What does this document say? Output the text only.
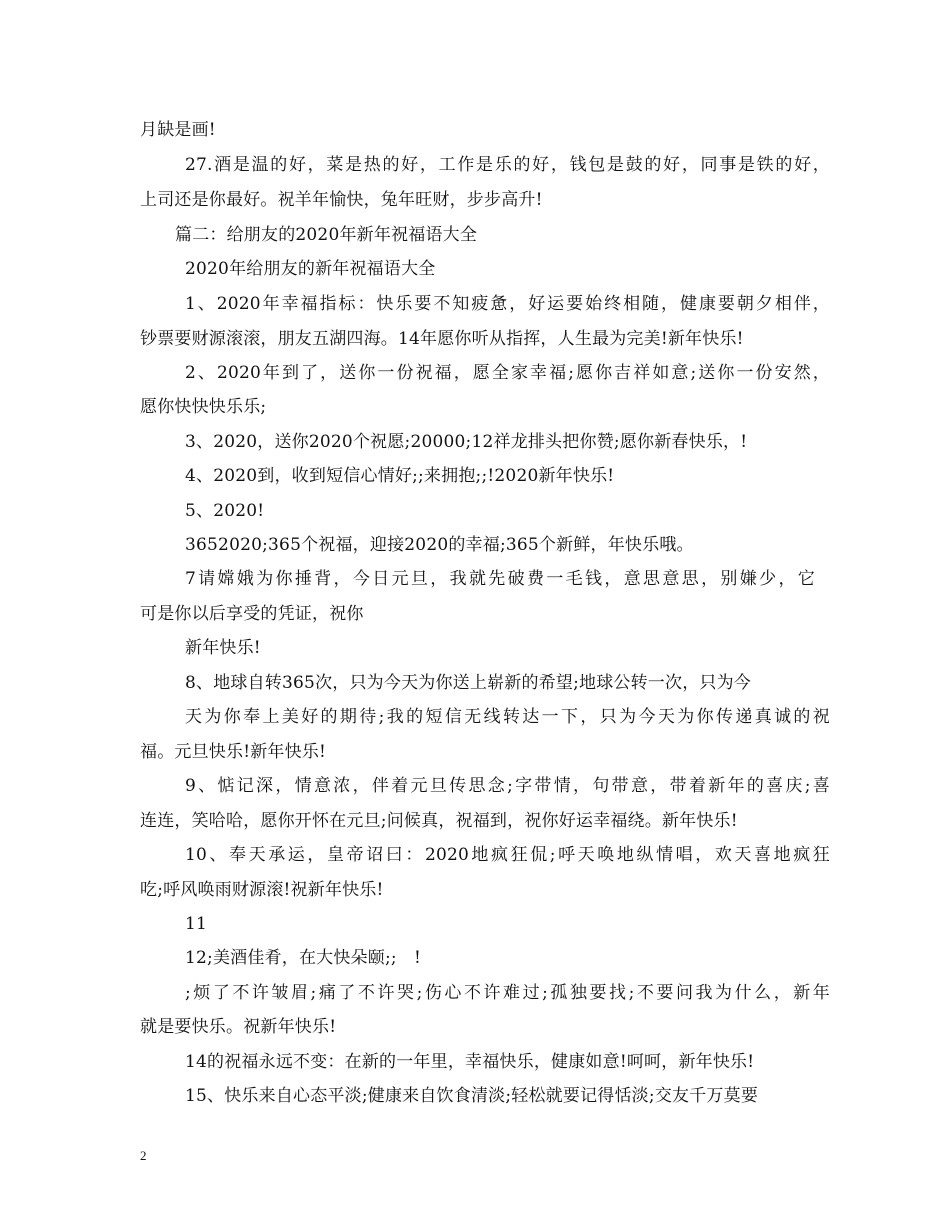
月缺是画!
27.酒是温的好，菜是热的好，工作是乐的好，钱包是鼓的好，同事是铁的好，
上司还是你最好。祝羊年愉快，兔年旺财，步步高升!
篇二：给朋友的2020年新年祝福语大全
2020年给朋友的新年祝福语大全
1、2020年幸福指标：快乐要不知疲惫，好运要始终相随，健康要朝夕相伴，
钞票要财源滚滚，朋友五湖四海。14年愿你听从指挥，人生最为完美!新年快乐!
2、2020年到了，送你一份祝福，愿全家幸福;愿你吉祥如意;送你一份安然，
愿你快快快乐乐;
3、2020，送你2020个祝愿;20000;12祥龙排头把你赞;愿你新春快乐，!
4、2020到，收到短信心情好;;来拥抱;;!2020新年快乐!
5、2020!
3652020;365个祝福，迎接2020的幸福;365个新鲜，年快乐哦。
7请嫦娥为你捶背，今日元旦，我就先破费一毛钱，意思意思，别嫌少，它
可是你以后享受的凭证，祝你
新年快乐!
8、地球自转365次，只为今天为你送上崭新的希望;地球公转一次，只为今
天为你奉上美好的期待;我的短信无线转达一下，只为今天为你传递真诚的祝
福。元旦快乐!新年快乐!
9、惦记深，情意浓，伴着元旦传思念;字带情，句带意，带着新年的喜庆;喜
连连，笑哈哈，愿你开怀在元旦;问候真，祝福到，祝你好运幸福绕。新年快乐!
10、奉天承运，皇帝诏曰：2020地疯狂侃;呼天唤地纵情唱，欢天喜地疯狂
吃;呼风唤雨财源滚!祝新年快乐!
11
12;美酒佳肴，在大快朵颐;;　!
;烦了不许皱眉;痛了不许哭;伤心不许难过;孤独要找;不要问我为什么，新年
就是要快乐。祝新年快乐!
14的祝福永远不变：在新的一年里，幸福快乐，健康如意!呵呵，新年快乐!
15、快乐来自心态平淡;健康来自饮食清淡;轻松就要记得恬淡;交友千万莫要
2
